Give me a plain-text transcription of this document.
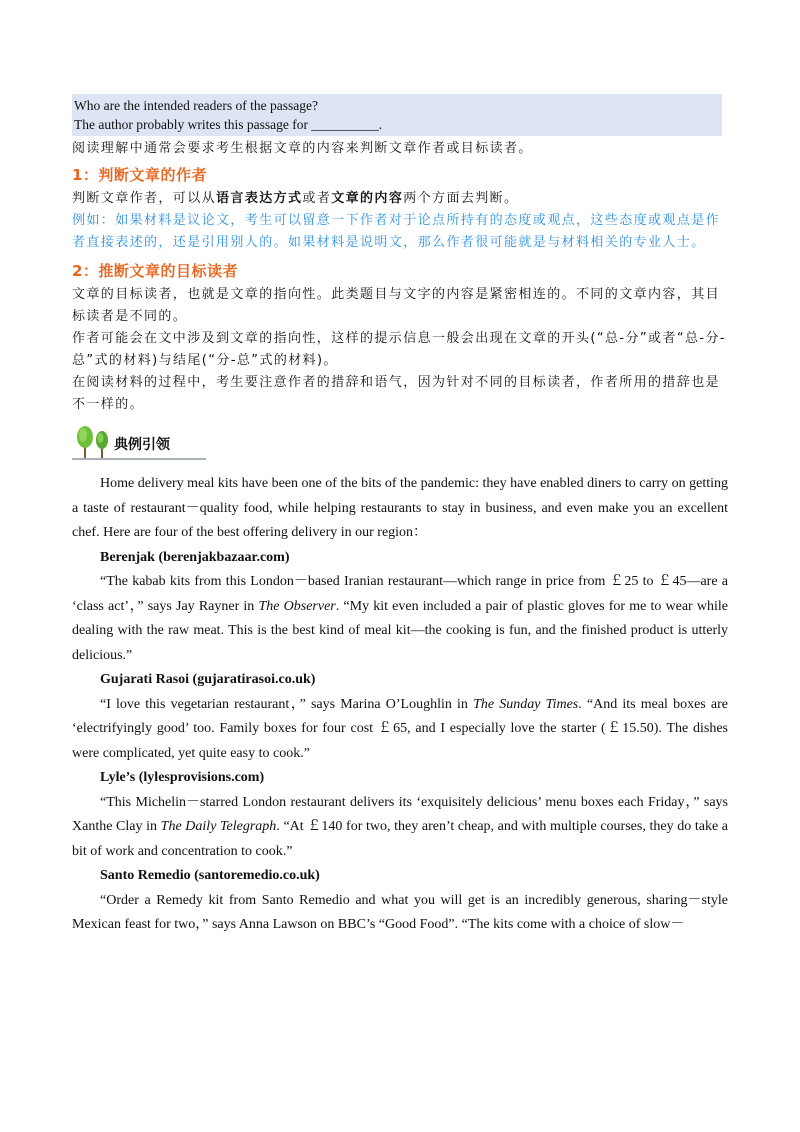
Who are the intended readers of the passage?
The author probably writes this passage for __________.
阅读理解中通常会要求考生根据文章的内容来判断文章作者或目标读者。
1：判断文章的作者
判断文章作者，可以从语言表达方式或者文章的内容两个方面去判断。
例如：如果材料是议论文，考生可以留意一下作者对于论点所持有的态度或观点，这些态度或观点是作者直接表述的，还是引用别人的。如果材料是说明文，那么作者很可能就是与材料相关的专业人士。
2：推断文章的目标读者
文章的目标读者，也就是文章的指向性。此类题目与文字的内容是紧密相连的。不同的文章内容，其目标读者是不同的。
作者可能会在文中涉及到文章的指向性，这样的提示信息一般会出现在文章的开头(“总-分”或者“总-分-总”式的材料)与结尾(“分-总”式的材料)。
在阅读材料的过程中，考生要注意作者的措辞和语气，因为针对不同的目标读者，作者所用的措辞也是不一样的。
典例引领
Home delivery meal kits have been one of the bits of the pandemic: they have enabled diners to carry on getting a taste of restaurant－quality food, while helping restaurants to stay in business, and even make you an excellent chef. Here are four of the best offering delivery in our region：
Berenjak (berenjakbazaar.com)
“The kabab kits from this London－based Iranian restaurant—which range in price from ￡25 to ￡45—are a ‘class act’，” says Jay Rayner in The Observer. “My kit even included a pair of plastic gloves for me to wear while dealing with the raw meat. This is the best kind of meal kit—the cooking is fun, and the finished product is utterly delicious.”
Gujarati Rasoi (gujaratirasoi.co.uk)
“I love this vegetarian restaurant，” says Marina O’Loughlin in The Sunday Times. “And its meal boxes are ‘electrifyingly good’ too. Family boxes for four cost ￡65, and I especially love the starter (￡15.50). The dishes were complicated, yet quite easy to cook.”
Lyle’s (lylesprovisions.com)
“This Michelin－starred London restaurant delivers its ‘exquisitely delicious’ menu boxes each Friday，” says Xanthe Clay in The Daily Telegraph. “At ￡140 for two, they aren’t cheap, and with multiple courses, they do take a bit of work and concentration to cook.”
Santo Remedio (santoremedio.co.uk)
“Order a Remedy kit from Santo Remedio and what you will get is an incredibly generous, sharing－style Mexican feast for two，” says Anna Lawson on BBC’s “Good Food”. “The kits come with a choice of slow－
